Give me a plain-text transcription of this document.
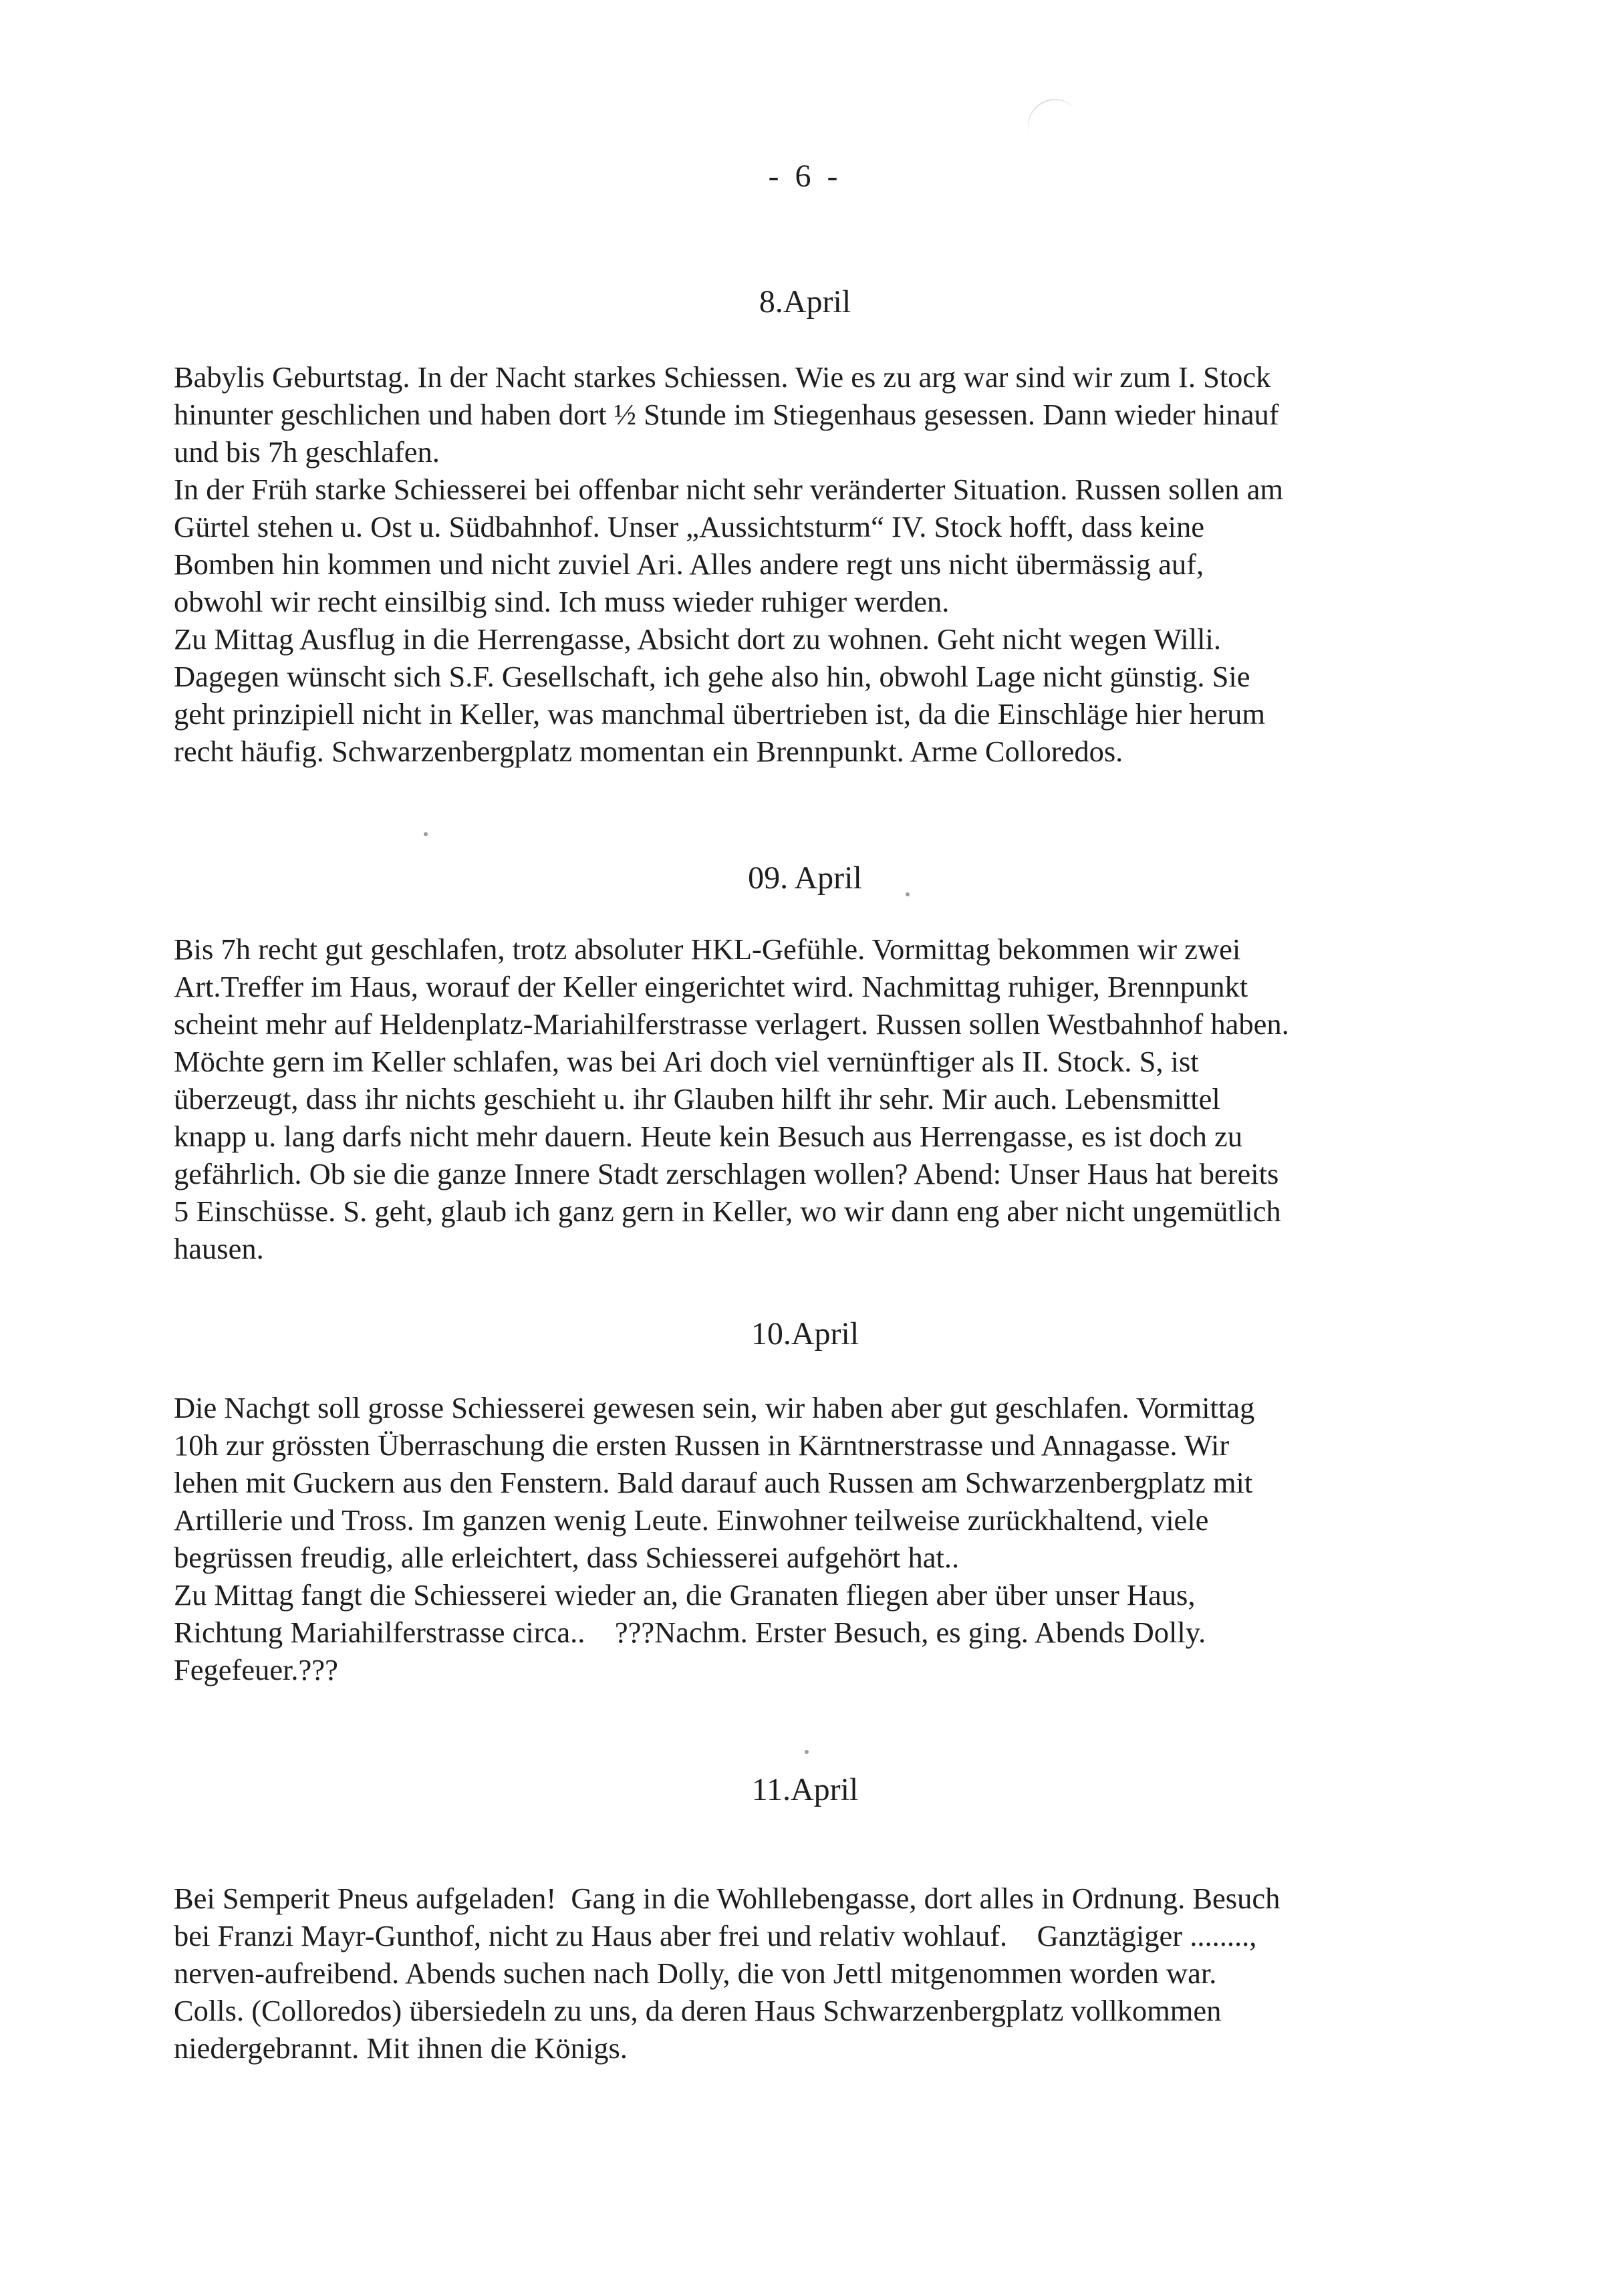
- 6 -
8.April

Babylis Geburtstag. In der Nacht starkes Schiessen. Wie es zu arg war sind wir zum I. Stock

hinunter geschlichen und haben dort ½ Stunde im Stiegenhaus gesessen. Dann wieder hinauf

und bis 7h geschlafen.

In der Früh starke Schiesserei bei offenbar nicht sehr veränderter Situation. Russen sollen am

Gürtel stehen u. Ost u. Südbahnhof. Unser „Aussichtsturm“ IV. Stock hofft, dass keine

Bomben hin kommen und nicht zuviel Ari. Alles andere regt uns nicht übermässig auf,

obwohl wir recht einsilbig sind. Ich muss wieder ruhiger werden.

Zu Mittag Ausflug in die Herrengasse, Absicht dort zu wohnen. Geht nicht wegen Willi.

Dagegen wünscht sich S.F. Gesellschaft, ich gehe also hin, obwohl Lage nicht günstig. Sie

geht prinzipiell nicht in Keller, was manchmal übertrieben ist, da die Einschläge hier herum

recht häufig. Schwarzenbergplatz momentan ein Brennpunkt. Arme Colloredos.

09. April

Bis 7h recht gut geschlafen, trotz absoluter HKL-Gefühle. Vormittag bekommen wir zwei

Art.Treffer im Haus, worauf der Keller eingerichtet wird. Nachmittag ruhiger, Brennpunkt

scheint mehr auf Heldenplatz-Mariahilferstrasse verlagert. Russen sollen Westbahnhof haben.

Möchte gern im Keller schlafen, was bei Ari doch viel vernünftiger als II. Stock. S, ist

überzeugt, dass ihr nichts geschieht u. ihr Glauben hilft ihr sehr. Mir auch. Lebensmittel

knapp u. lang darfs nicht mehr dauern. Heute kein Besuch aus Herrengasse, es ist doch zu

gefährlich. Ob sie die ganze Innere Stadt zerschlagen wollen? Abend: Unser Haus hat bereits

5 Einschüsse. S. geht, glaub ich ganz gern in Keller, wo wir dann eng aber nicht ungemütlich

hausen.

10.April

Die Nachgt soll grosse Schiesserei gewesen sein, wir haben aber gut geschlafen. Vormittag

10h zur grössten Überraschung die ersten Russen in Kärntnerstrasse und Annagasse. Wir

lehen mit Guckern aus den Fenstern. Bald darauf auch Russen am Schwarzenbergplatz mit

Artillerie und Tross. Im ganzen wenig Leute. Einwohner teilweise zurückhaltend, viele

begrüssen freudig, alle erleichtert, dass Schiesserei aufgehört hat..

Zu Mittag fangt die Schiesserei wieder an, die Granaten fliegen aber über unser Haus,

Richtung Mariahilferstrasse circa..    ???Nachm. Erster Besuch, es ging. Abends Dolly.

Fegefeuer.???

11.April

Bei Semperit Pneus aufgeladen!  Gang in die Wohllebengasse, dort alles in Ordnung. Besuch

bei Franzi Mayr-Gunthof, nicht zu Haus aber frei und relativ wohlauf.    Ganztägiger ........,

nerven-aufreibend. Abends suchen nach Dolly, die von Jettl mitgenommen worden war.

Colls. (Colloredos) übersiedeln zu uns, da deren Haus Schwarzenbergplatz vollkommen

niedergebrannt. Mit ihnen die Königs.
